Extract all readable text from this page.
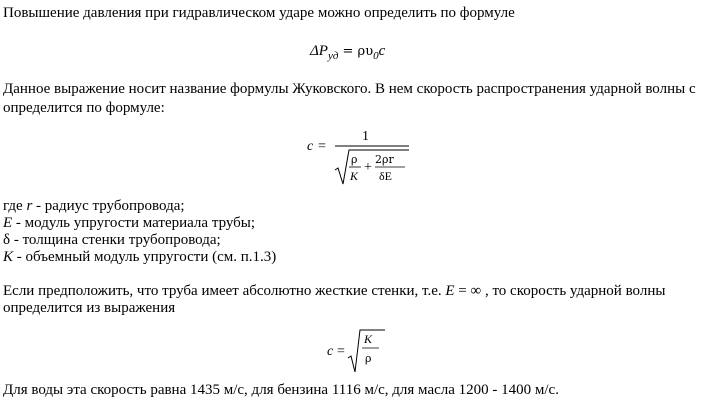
Повышение давления при гидравлическом ударе можно определить по формуле
$\Delta P_{уд} = \rho\upsilon_0c$
Данное выражение носит название формулы Жуковского. В нем скорость распространения ударной волны с
определится по формуле:
c =
1
ρ
K
+
2ρr
δE
где r - радиус трубопровода;
E - модуль упругости материала трубы;
δ - толщина стенки трубопровода;
K - объемный модуль упругости (см. п.1.3)
Если предположить, что труба имеет абсолютно жесткие стенки, т.е. E = ∞ , то скорость ударной волны
определится из выражения
c =
K
ρ
Для воды эта скорость равна 1435 м/с, для бензина 1116 м/с, для масла 1200 - 1400 м/с.
